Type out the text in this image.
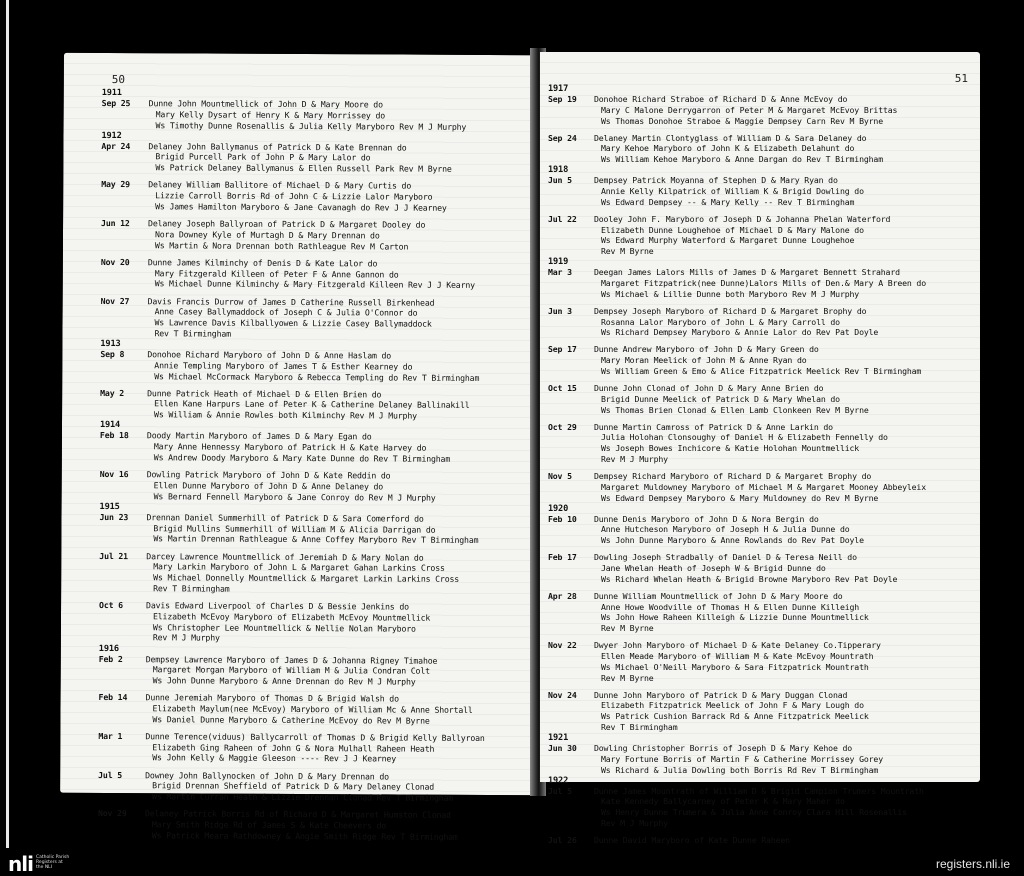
50
1911
Sep 25 Dunne John Mountmellick of John D & Mary Moore do
Mary Kelly Dysart of Henry K & Mary Morrissey do
Ws Timothy Dunne Rosenallis & Julia Kelly Maryboro Rev M J Murphy
1912
Apr 24 Delaney John Ballymanus of Patrick D & Kate Brennan do
Brigid Purcell Park of John P & Mary Lalor do
Ws Patrick Delaney Ballymanus & Ellen Russell Park Rev M Byrne
May 29 Delaney William Ballitore of Michael D & Mary Curtis do
Lizzie Carroll Borris Rd of John C & Lizzie Lalor Maryboro
Ws James Hamilton Maryboro & Jane Cavanagh do Rev J J Kearney
Jun 12 Delaney Joseph Ballyroan of Patrick D & Margaret Dooley do
Nora Downey Kyle of Murtagh D & Mary Drennan do
Ws Martin & Nora Drennan both Rathleague Rev M Carton
Nov 20 Dunne James Kilminchy of Denis D & Kate Lalor do
Mary Fitzgerald Killeen of Peter F & Anne Gannon do
Ws Michael Dunne Kilminchy & Mary Fitzgerald Killeen Rev J J Kearny
Nov 27 Davis Francis Durrow of James D Catherine Russell Birkenhead
Anne Casey Ballymaddock of Joseph C & Julia O'Connor do
Ws Lawrence Davis Kilballyowen & Lizzie Casey Ballymaddock
Rev T Birmingham
1913
Sep 8	Donohoe Richard Maryboro of John D & Anne Haslam do
Annie Templing Maryboro of James T & Esther Kearney do
Ws Michael McCormack Maryboro & Rebecca Templing do Rev T Birmingham
May 2	Dunne Patrick Heath of Michael D & Ellen Brien do
Ellen Kane Harpurs Lane of Peter K & Catherine Delaney Ballinakill
Ws William & Annie Rowles both Kilminchy Rev M J Murphy
1914
Feb 18 Doody Martin Maryboro of James D & Mary Egan do
Mary Anne Hennessy Maryboro of Patrick H & Kate Harvey do
Ws Andrew Doody Maryboro & Mary Kate Dunne do Rev T Birmingham
Nov 16 Dowling Patrick Maryboro of John D & Kate Reddin do
Ellen Dunne Maryboro of John D & Anne Delaney do
Ws Bernard Fennell Maryboro & Jane Conroy do Rev M J Murphy
1915
Jun 23 Drennan Daniel Summerhill of Patrick D & Sara Comerford do
Brigid Mullins Summerhill of William M & Alicia Darrigan do
Ws Martin Drennan Rathleague & Anne Coffey Maryboro Rev T Birmingham
Jul 21 Darcey Lawrence Mountmellick of Jeremiah D & Mary Nolan do
Mary Larkin Maryboro of John L & Margaret Gahan Larkins Cross
Ws Michael Donnelly Mountmellick & Margaret Larkin Larkins Cross
Rev T Birmingham
Oct 6	Davis Edward Liverpool of Charles D & Bessie Jenkins do
Elizabeth McEvoy Maryboro of Elizabeth McEvoy Mountmellick
Ws Christopher Lee Mountmellick & Nellie Nolan Maryboro
Rev M J Murphy
1916
Feb 2	Dempsey Lawrence Maryboro of James D & Johanna Rigney Timahoe
Margaret Morgan Maryboro of William M & Julia Condran Colt
Ws John Dunne Maryboro & Anne Drennan do Rev M J Murphy
Feb 14 Dunne Jeremiah Maryboro of Thomas D & Brigid Walsh do
Elizabeth Maylum(nee McEvoy) Maryboro of William Mc & Anne Shortall
Ws Daniel Dunne Maryboro & Catherine McEvoy do Rev M Byrne
Mar 1	Dunne Terence(viduus) Ballycarroll of Thomas D & Brigid Kelly Ballyroan
Elizabeth Ging Raheen of John G & Nora Mulhall Raheen Heath
Ws John Kelly & Maggie Gleeson ---- Rev J J Kearney
Jul 5	Downey John Ballynocken of John D & Mary Drennan do
Brigid Drennan Sheffield of Patrick D & Mary Delaney Clonad
Ws Martin Curran Heath & Lizzie Drennan Clonad Rev T Birmingham
Nov 29 Delaney Patrick Borris Rd of Richard D & Margaret Humston Clonad
Mary Smith Ridge Rd of James S & Kate Cheevers do
Ws Patrick Meara Rathdowney & Angie Smith Ridge Rev T Birmingham
51
1917
Sep 19 Donohoe Richard Straboe of Richard D & Anne McEvoy do
Mary C Malone Derrygarron of Peter M & Margaret McEvoy Brittas
Ws Thomas Donohoe Straboe & Maggie Dempsey Carn Rev M Byrne
Sep 24 Delaney Martin Clontyglass of William D & Sara Delaney do
Mary Kehoe Maryboro of John K & Elizabeth Delahunt do
Ws William Kehoe Maryboro & Anne Dargan do Rev T Birmingham
1918
Jun 5	Dempsey Patrick Moyanna of Stephen D & Mary Ryan do
Annie Kelly Kilpatrick of William K & Brigid Dowling do
Ws Edward Dempsey -- & Mary Kelly -- Rev T Birmingham
Jul 22 Dooley John F. Maryboro of Joseph D & Johanna Phelan Waterford
Elizabeth Dunne Loughehoe of Michael D & Mary Malone do
Ws Edward Murphy Waterford & Margaret Dunne Loughehoe
Rev M Byrne
1919
Mar 3	Deegan James Lalors Mills of James D & Margaret Bennett Strahard
Margaret Fitzpatrick(nee Dunne)Lalors Mills of Den.& Mary A Breen do
Ws Michael & Lillie Dunne both Maryboro Rev M J Murphy
Jun 3	Dempsey Joseph Maryboro of Richard D & Margaret Brophy do
Rosanna Lalor Maryboro of John L & Mary Carroll do
Ws Richard Dempsey Maryboro & Annie Lalor do Rev Pat Doyle
Sep 17 Dunne Andrew Maryboro of John D & Mary Green do
Mary Moran Meelick of John M & Anne Ryan do
Ws William Green & Emo & Alice Fitzpatrick Meelick Rev T Birmingham
Oct 15 Dunne John Clonad of John D & Mary Anne Brien do
Brigid Dunne Meelick of Patrick D & Mary Whelan do
Ws Thomas Brien Clonad & Ellen Lamb Clonkeen Rev M Byrne
Oct 29 Dunne Martin Camross of Patrick D & Anne Larkin do
Julia Holohan Clonsoughy of Daniel H & Elizabeth Fennelly do
Ws Joseph Bowes Inchicore & Katie Holohan Mountmellick
Rev M J Murphy
Nov 5	Dempsey Richard Maryboro of Richard D & Margaret Brophy do
Margaret Muldowney Maryboro of Michael M & Margaret Mooney Abbeyleix
Ws Edward Dempsey Maryboro & Mary Muldowney do Rev M Byrne
1920
Feb 10 Dunne Denis Maryboro of John D & Nora Bergin do
Anne Hutcheson Maryboro of Joseph H & Julia Dunne do
Ws John Dunne Maryboro & Anne Rowlands do Rev Pat Doyle
Feb 17 Dowling Joseph Stradbally of Daniel D & Teresa Neill do
Jane Whelan Heath of Joseph W & Brigid Dunne do
Ws Richard Whelan Heath & Brigid Browne Maryboro Rev Pat Doyle
Apr 28 Dunne William Mountmellick of John D & Mary Moore do
Anne Howe Woodville of Thomas H & Ellen Dunne Killeigh
Ws John Howe Raheen Killeigh & Lizzie Dunne Mountmellick
Rev M Byrne
Nov 22 Dwyer John Maryboro of Michael D & Kate Delaney Co.Tipperary
Ellen Meade Maryboro of William M & Kate McEvoy Mountrath
Ws Michael O'Neill Maryboro & Sara Fitzpatrick Mountrath
Rev M Byrne
Nov 24 Dunne John Maryboro of Patrick D & Mary Duggan Clonad
Elizabeth Fitzpatrick Meelick of John F & Mary Lough do
Ws Patrick Cushion Barrack Rd & Anne Fitzpatrick Meelick
Rev T Birmingham
1921
Jun 30 Dowling Christopher Borris of Joseph D & Mary Kehoe do
Mary Fortune Borris of Martin F & Catherine Morrissey Gorey
Ws Richard & Julia Dowling both Borris Rd Rev T Birmingham
1922
Jul 5	Dunne James Mountrath of William D & Brigid Campion Trumers Mountrath
Kate Kennedy Ballycarney of Peter K & Mary Maher do
Ws Henry Dunne Trumera & Julia Anne Conroy Clara Hill Rosenallis
Rev M J Murphy
Jul 26 Dunne David Maryboro of Kate Dunne Raheen
nli Catholic Parish Registers at the NLI	registers.nli.ie
